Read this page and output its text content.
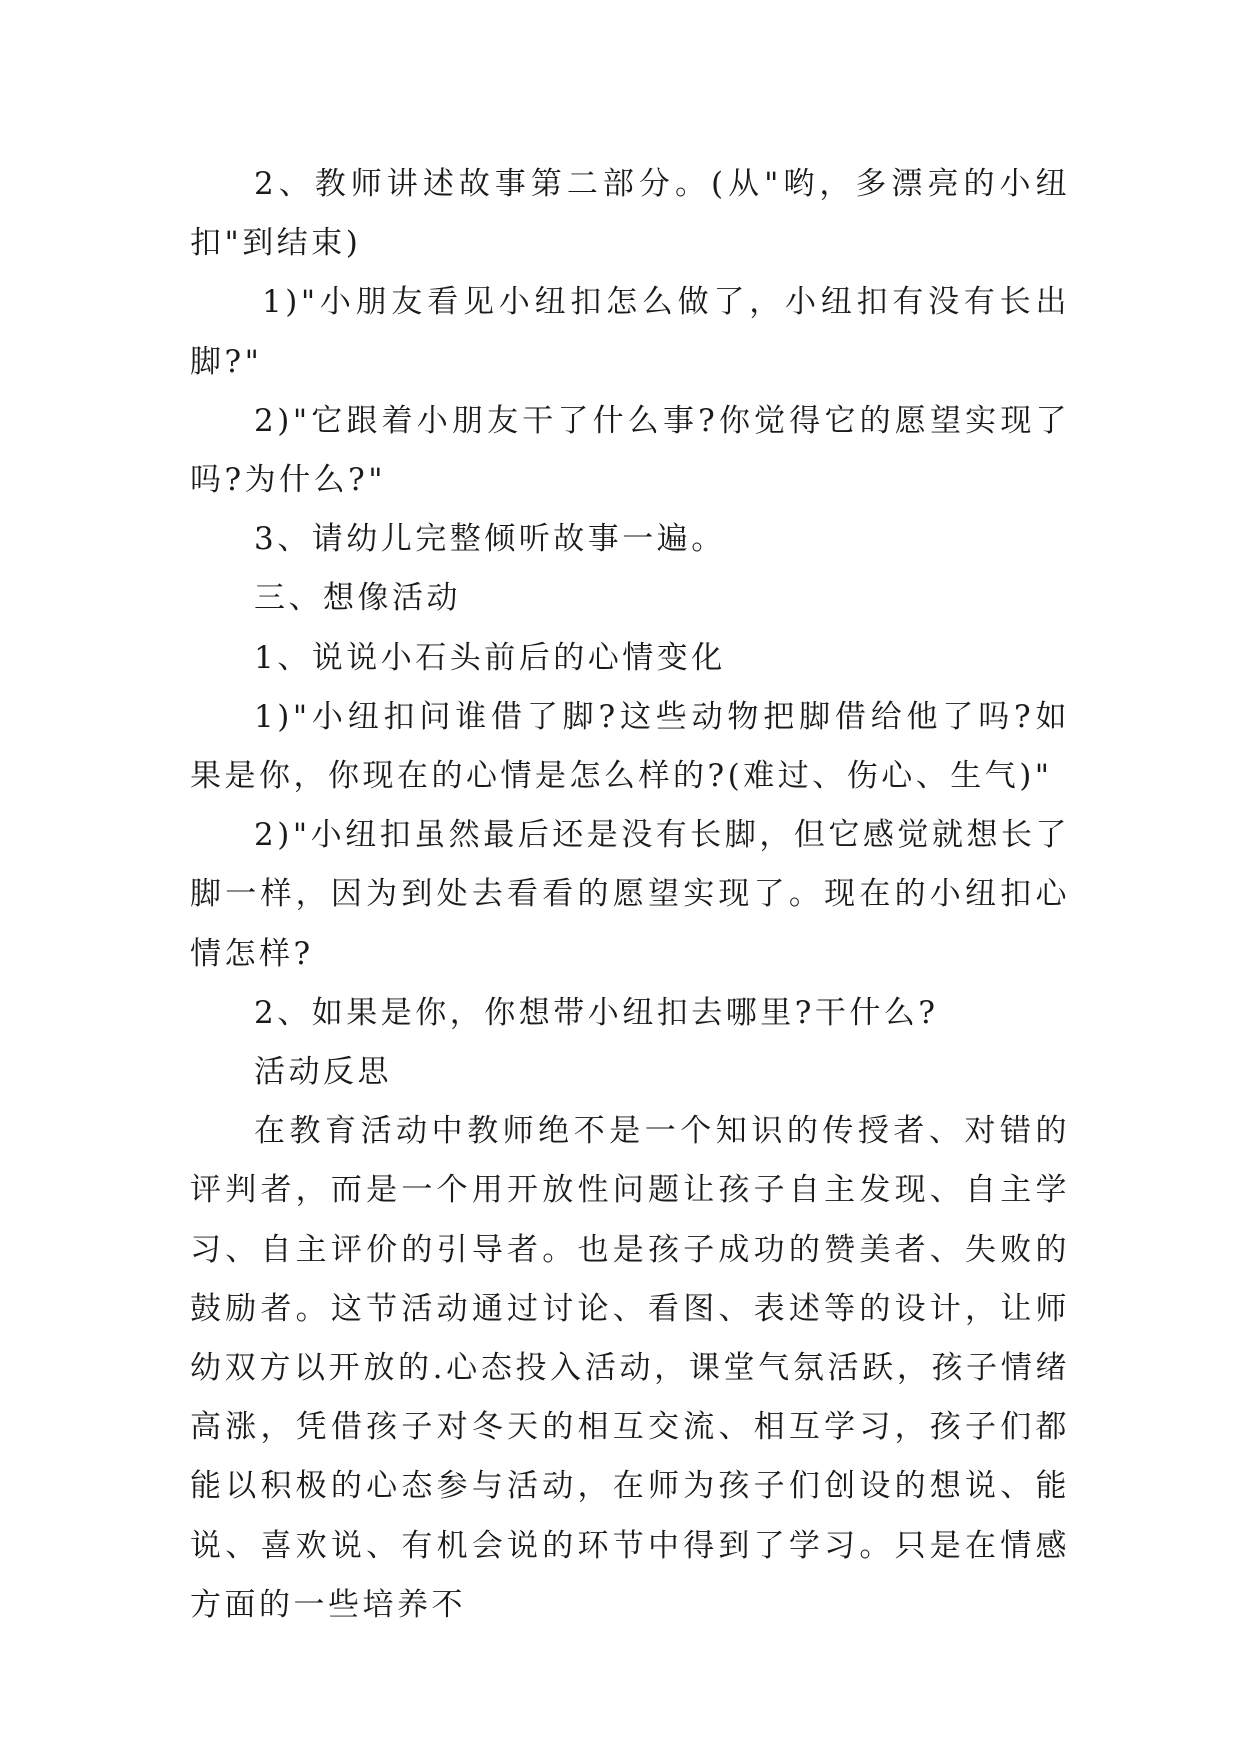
2、教师讲述故事第二部分。(从"哟，多漂亮的小纽扣"到结束)

1)"小朋友看见小纽扣怎么做了，小纽扣有没有长出脚?"

2)"它跟着小朋友干了什么事?你觉得它的愿望实现了吗?为什么?"

3、请幼儿完整倾听故事一遍。

三、想像活动

1、说说小石头前后的心情变化

1)"小纽扣问谁借了脚?这些动物把脚借给他了吗?如果是你，你现在的心情是怎么样的?(难过、伤心、生气)"

2)"小纽扣虽然最后还是没有长脚，但它感觉就想长了脚一样，因为到处去看看的愿望实现了。现在的小纽扣心情怎样?

2、如果是你，你想带小纽扣去哪里?干什么?

活动反思

在教育活动中教师绝不是一个知识的传授者、对错的评判者，而是一个用开放性问题让孩子自主发现、自主学习、自主评价的引导者。也是孩子成功的赞美者、失败的鼓励者。这节活动通过讨论、看图、表述等的设计，让师幼双方以开放的.心态投入活动，课堂气氛活跃，孩子情绪高涨，凭借孩子对冬天的相互交流、相互学习，孩子们都能以积极的心态参与活动，在师为孩子们创设的想说、能说、喜欢说、有机会说的环节中得到了学习。只是在情感方面的一些培养不
